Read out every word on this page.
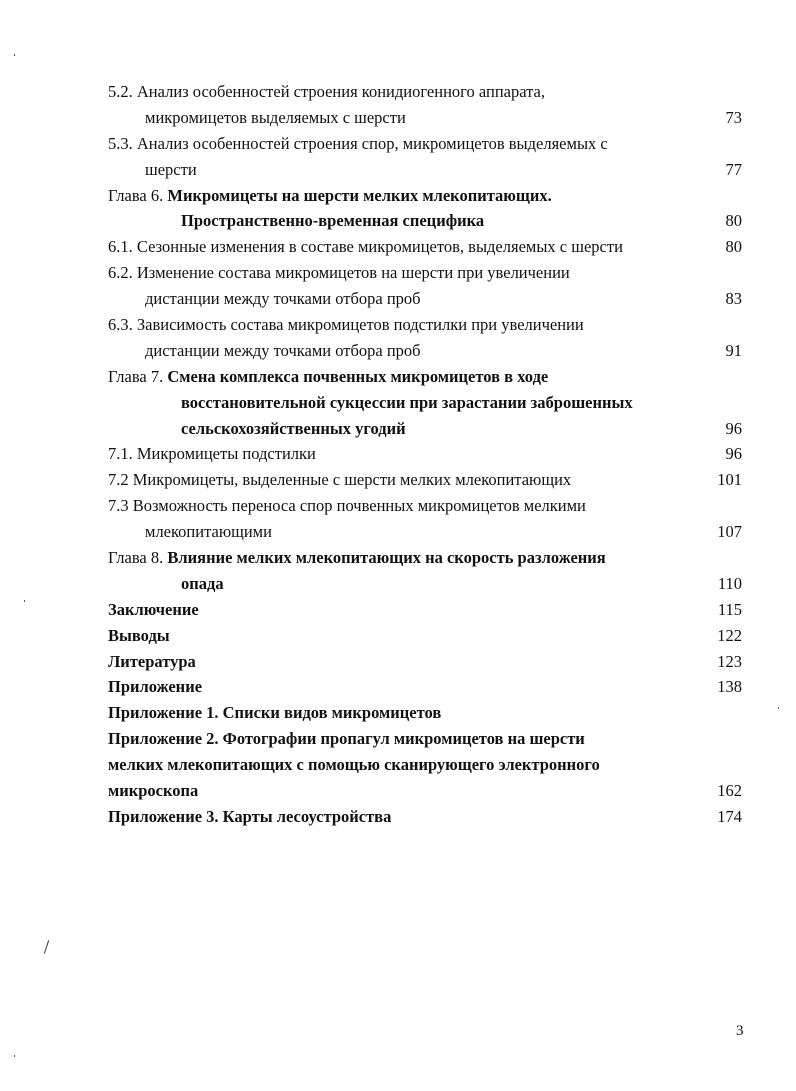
5.2. Анализ особенностей строения конидиогенного аппарата,
микромицетов выделяемых с шерсти	73
5.3. Анализ особенностей строения спор, микромицетов выделяемых с
шерсти	77
Глава 6. Микромицеты на шерсти мелких млекопитающих.
Пространственно-временная специфика	80
6.1. Сезонные изменения в составе микромицетов, выделяемых с шерсти	80
6.2. Изменение состава микромицетов на шерсти при увеличении
дистанции между точками отбора проб	83
6.3. Зависимость состава микромицетов подстилки при увеличении
дистанции между точками отбора проб	91
Глава 7. Смена комплекса почвенных микромицетов в ходе
восстановительной сукцессии при зарастании заброшенных
сельскохозяйственных угодий	96
7.1. Микромицеты подстилки	96
7.2 Микромицеты, выделенные с шерсти мелких млекопитающих	101
7.3 Возможность переноса спор почвенных микромицетов мелкими
млекопитающими	107
Глава 8. Влияние мелких млекопитающих на скорость разложения
опада	110
Заключение	115
Выводы	122
Литература	123
Приложение	138
Приложение 1. Списки видов микромицетов
Приложение 2. Фотографии пропагул микромицетов на шерсти
мелких млекопитающих с помощью сканирующего электронного
микроскопа	162
Приложение 3. Карты лесоустройства	174
3
